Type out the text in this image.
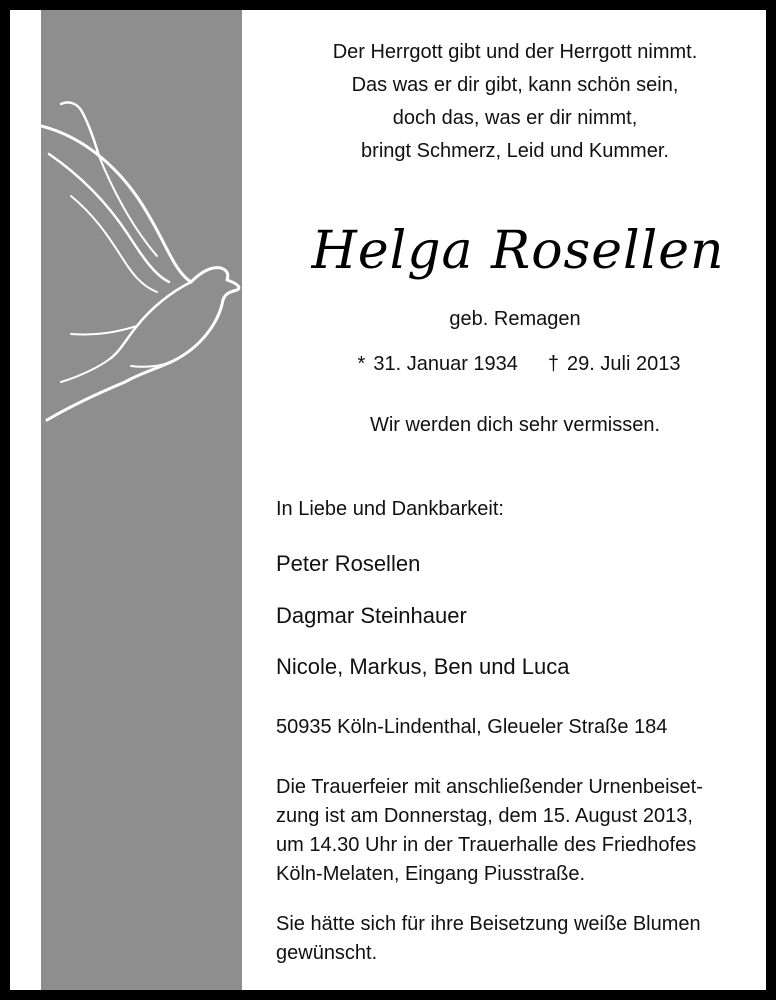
Der Herrgott gibt und der Herrgott nimmt.
Das was er dir gibt, kann schön sein,
doch das, was er dir nimmt,
bringt Schmerz, Leid und Kummer.
Helga Rosellen
geb. Remagen
* 31. Januar 1934 † 29. Juli 2013
Wir werden dich sehr vermissen.
In Liebe und Dankbarkeit:
Peter Rosellen
Dagmar Steinhauer
Nicole, Markus, Ben und Luca
50935 Köln-Lindenthal, Gleueler Straße 184
Die Trauerfeier mit anschließender Urnenbeiset-
zung ist am Donnerstag, dem 15. August 2013,
um 14.30 Uhr in der Trauerhalle des Friedhofes
Köln-Melaten, Eingang Piusstraße.
Sie hätte sich für ihre Beisetzung weiße Blumen
gewünscht.
